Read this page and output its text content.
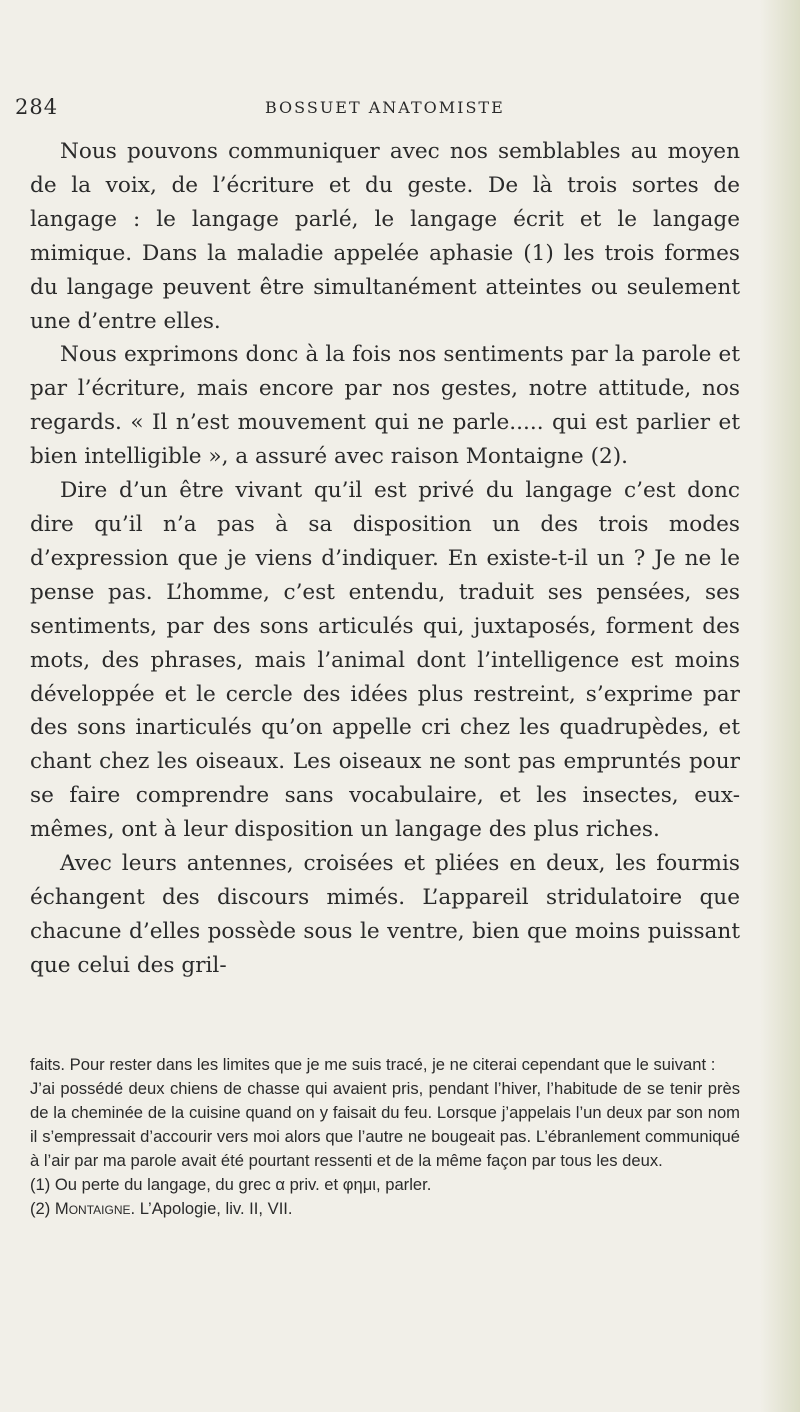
284	BOSSUET ANATOMISTE

Nous pouvons communiquer avec nos semblables au moyen de la voix, de l’écriture et du geste. De là trois sortes de langage : le langage parlé, le langage écrit et le langage mimique. Dans la maladie appelée aphasie (1) les trois formes du langage peuvent être simultanément atteintes ou seulement une d’entre elles.

Nous exprimons donc à la fois nos sentiments par la parole et par l’écriture, mais encore par nos gestes, notre attitude, nos regards. « Il n’est mouvement qui ne parle..... qui est parlier et bien intelligible », a assuré avec raison Montaigne (2).

Dire d’un être vivant qu’il est privé du langage c’est donc dire qu’il n’a pas à sa disposition un des trois modes d’expression que je viens d’indiquer. En existe-t-il un ? Je ne le pense pas. L’homme, c’est entendu, traduit ses pensées, ses sentiments, par des sons articulés qui, juxtaposés, forment des mots, des phrases, mais l’animal dont l’intelligence est moins développée et le cercle des idées plus restreint, s’exprime par des sons inarticulés qu’on appelle cri chez les quadrupèdes, et chant chez les oiseaux. Les oiseaux ne sont pas empruntés pour se faire comprendre sans vocabulaire, et les insectes, eux-mêmes, ont à leur disposition un langage des plus riches.

Avec leurs antennes, croisées et pliées en deux, les fourmis échangent des discours mimés. L’appareil stridulatoire que chacune d’elles possède sous le ventre, bien que moins puissant que celui des gril-

faits. Pour rester dans les limites que je me suis tracé, je ne citerai cependant que le suivant :

J’ai possédé deux chiens de chasse qui avaient pris, pendant l’hiver, l’habitude de se tenir près de la cheminée de la cuisine quand on y faisait du feu. Lorsque j’appelais l’un deux par son nom il s’empressait d’accourir vers moi alors que l’autre ne bougeait pas. L’ébranlement communiqué à l’air par ma parole avait été pourtant ressenti et de la même façon par tous les deux.

(1) Ou perte du langage, du grec α priv. et φημι, parler.

(2) Montaigne. L’Apologie, liv. II, VII.
